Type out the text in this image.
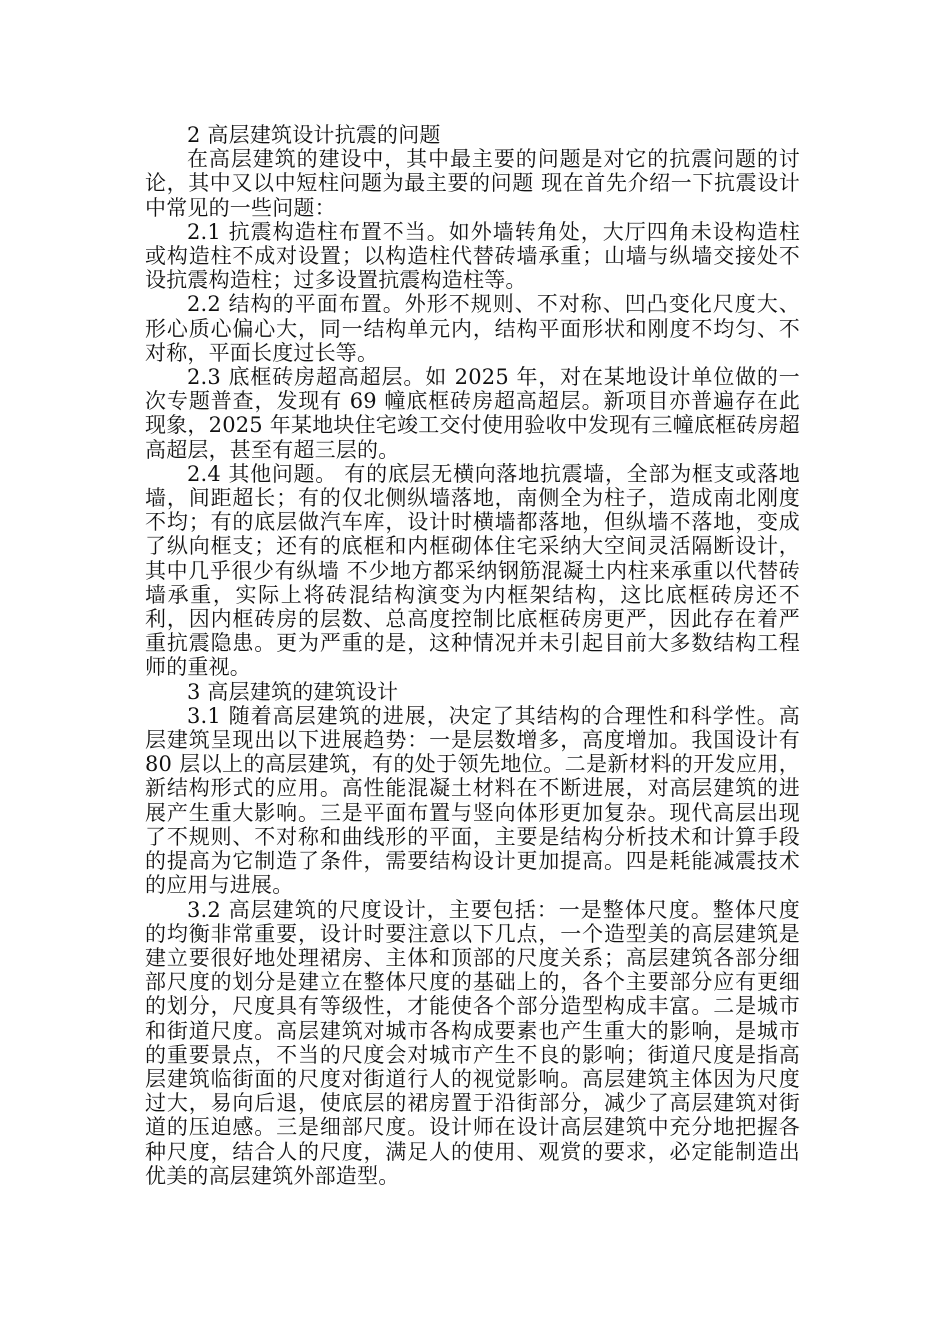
2 高层建筑设计抗震的问题

在高层建筑的建设中，其中最主要的问题是对它的抗震问题的讨论，其中又以中短柱问题为最主要的问题 现在首先介绍一下抗震设计中常见的一些问题：

2.1 抗震构造柱布置不当。如外墙转角处，大厅四角未设构造柱或构造柱不成对设置；以构造柱代替砖墙承重；山墙与纵墙交接处不设抗震构造柱；过多设置抗震构造柱等。

2.2 结构的平面布置。外形不规则、不对称、凹凸变化尺度大、形心质心偏心大，同一结构单元内，结构平面形状和刚度不均匀、不对称，平面长度过长等。

2.3 底框砖房超高超层。如 2025 年，对在某地设计单位做的一次专题普查，发现有 69 幢底框砖房超高超层。新项目亦普遍存在此现象，2025 年某地块住宅竣工交付使用验收中发现有三幢底框砖房超高超层，甚至有超三层的。

2.4 其他问题。 有的底层无横向落地抗震墙，全部为框支或落地墙，间距超长；有的仅北侧纵墙落地，南侧全为柱子，造成南北刚度不均；有的底层做汽车库，设计时横墙都落地，但纵墙不落地，变成了纵向框支；还有的底框和内框砌体住宅采纳大空间灵活隔断设计，其中几乎很少有纵墙 不少地方都采纳钢筋混凝土内柱来承重以代替砖墙承重，实际上将砖混结构演变为内框架结构，这比底框砖房还不利，因内框砖房的层数、总高度控制比底框砖房更严，因此存在着严重抗震隐患。更为严重的是，这种情况并未引起目前大多数结构工程师的重视。

3 高层建筑的建筑设计

3.1 随着高层建筑的进展，决定了其结构的合理性和科学性。高层建筑呈现出以下进展趋势：一是层数增多，高度增加。我国设计有 80 层以上的高层建筑，有的处于领先地位。二是新材料的开发应用，新结构形式的应用。高性能混凝土材料在不断进展，对高层建筑的进展产生重大影响。三是平面布置与竖向体形更加复杂。现代高层出现了不规则、不对称和曲线形的平面，主要是结构分析技术和计算手段的提高为它制造了条件，需要结构设计更加提高。四是耗能减震技术的应用与进展。

3.2 高层建筑的尺度设计，主要包括：一是整体尺度。整体尺度的均衡非常重要，设计时要注意以下几点，一个造型美的高层建筑是建立要很好地处理裙房、主体和顶部的尺度关系；高层建筑各部分细部尺度的划分是建立在整体尺度的基础上的，各个主要部分应有更细的划分，尺度具有等级性，才能使各个部分造型构成丰富。二是城市和街道尺度。高层建筑对城市各构成要素也产生重大的影响，是城市的重要景点，不当的尺度会对城市产生不良的影响；街道尺度是指高层建筑临街面的尺度对街道行人的视觉影响。高层建筑主体因为尺度过大，易向后退，使底层的裙房置于沿街部分，减少了高层建筑对街道的压迫感。三是细部尺度。设计师在设计高层建筑中充分地把握各种尺度，结合人的尺度，满足人的使用、观赏的要求，必定能制造出优美的高层建筑外部造型。
